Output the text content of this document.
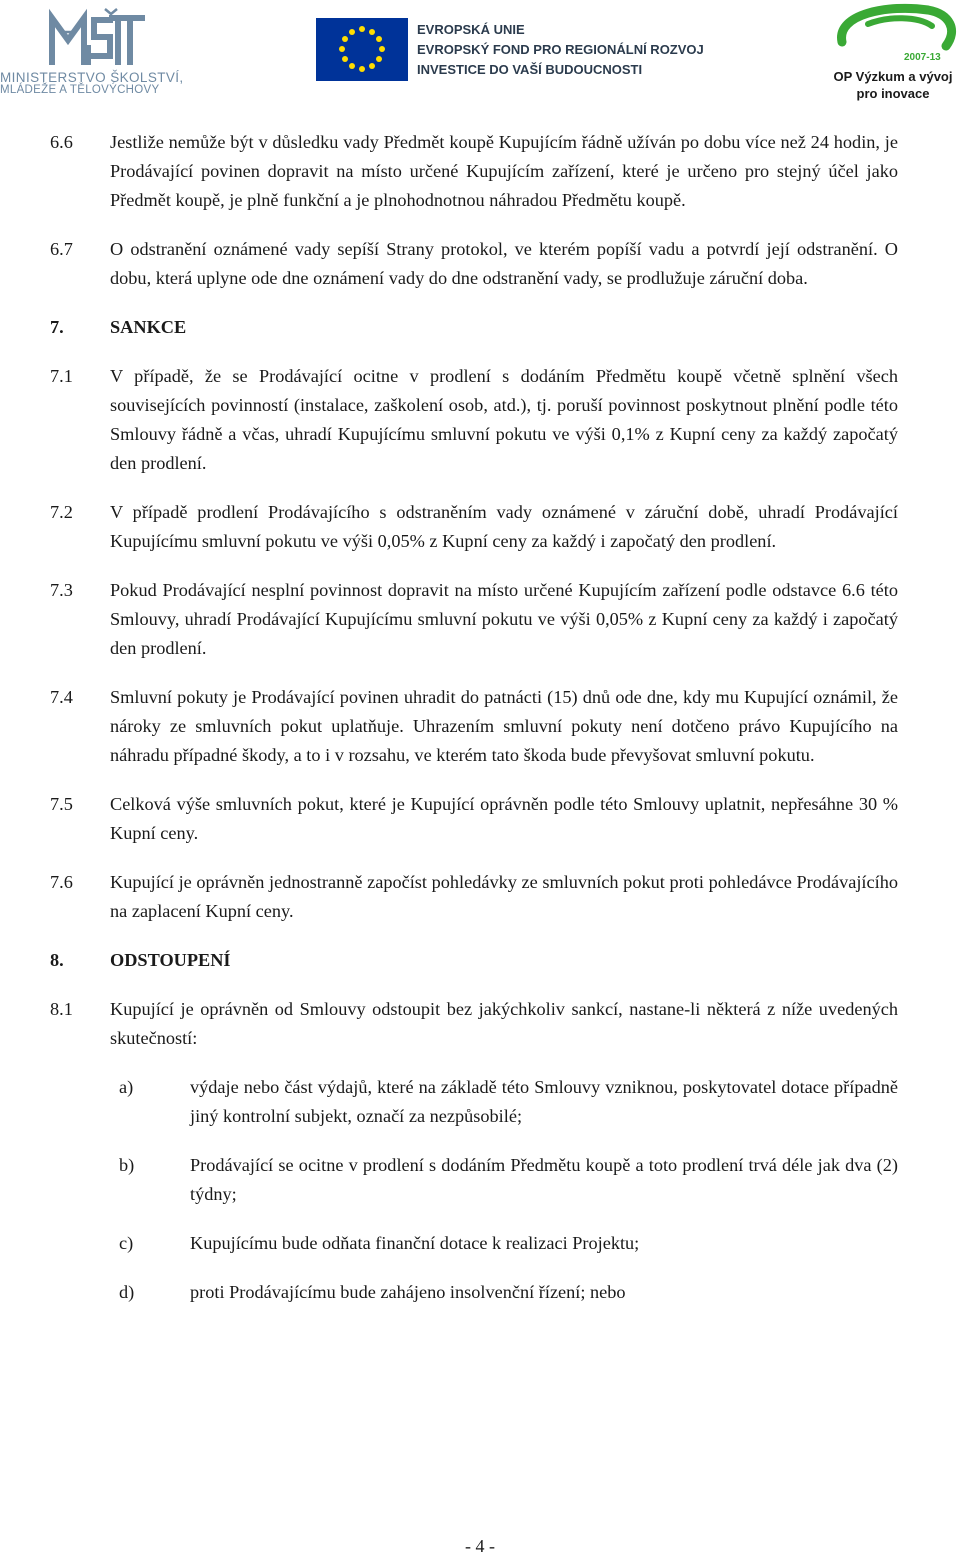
MINISTERSTVO ŠKOLSTVÍ,
MLÁDEŽE A TĚLOVÝCHOVY
EVROPSKÁ UNIE
EVROPSKÝ FOND PRO REGIONÁLNÍ ROZVOJ
INVESTICE DO VAŠÍ BUDOUCNOSTI
2007-13
OP Výzkum a vývoj
pro inovace
6.6	Jestliže nemůže být v důsledku vady Předmět koupě Kupujícím řádně užíván po dobu více než 24 hodin, je Prodávající povinen dopravit na místo určené Kupujícím zařízení, které je určeno pro stejný účel jako Předmět koupě, je plně funkční a je plnohodnotnou náhradou Předmětu koupě.
6.7	O odstranění oznámené vady sepíší Strany protokol, ve kterém popíší vadu a potvrdí její odstranění. O dobu, která uplyne ode dne oznámení vady do dne odstranění vady, se prodlužuje záruční doba.
7.	SANKCE
7.1	V případě, že se Prodávající ocitne v prodlení s dodáním Předmětu koupě včetně splnění všech souvisejících povinností (instalace, zaškolení osob, atd.), tj. poruší povinnost poskytnout plnění podle této Smlouvy řádně a včas, uhradí Kupujícímu smluvní pokutu ve výši 0,1% z Kupní ceny za každý započatý den prodlení.
7.2	V případě prodlení Prodávajícího s odstraněním vady oznámené v záruční době, uhradí Prodávající Kupujícímu smluvní pokutu ve výši 0,05% z Kupní ceny za každý i započatý den prodlení.
7.3	Pokud Prodávající nesplní povinnost dopravit na místo určené Kupujícím zařízení podle odstavce 6.6 této Smlouvy, uhradí Prodávající Kupujícímu smluvní pokutu ve výši 0,05% z Kupní ceny za každý i započatý den prodlení.
7.4	Smluvní pokuty je Prodávající povinen uhradit do patnácti (15) dnů ode dne, kdy mu Kupující oznámil, že nároky ze smluvních pokut uplatňuje. Uhrazením smluvní pokuty není dotčeno právo Kupujícího na náhradu případné škody, a to i v rozsahu, ve kterém tato škoda bude převyšovat smluvní pokutu.
7.5	Celková výše smluvních pokut, které je Kupující oprávněn podle této Smlouvy uplatnit, nepřesáhne 30 % Kupní ceny.
7.6	Kupující je oprávněn jednostranně započíst pohledávky ze smluvních pokut proti pohledávce Prodávajícího na zaplacení Kupní ceny.
8.	ODSTOUPENÍ
8.1	Kupující je oprávněn od Smlouvy odstoupit bez jakýchkoliv sankcí, nastane-li některá z níže uvedených skutečností:
a)	výdaje nebo část výdajů, které na základě této Smlouvy vzniknou, poskytovatel dotace případně jiný kontrolní subjekt, označí za nezpůsobilé;
b)	Prodávající se ocitne v prodlení s dodáním Předmětu koupě a toto prodlení trvá déle jak dva (2) týdny;
c)	Kupujícímu bude odňata finanční dotace k realizaci Projektu;
d)	proti Prodávajícímu bude zahájeno insolvenční řízení; nebo
- 4 -
